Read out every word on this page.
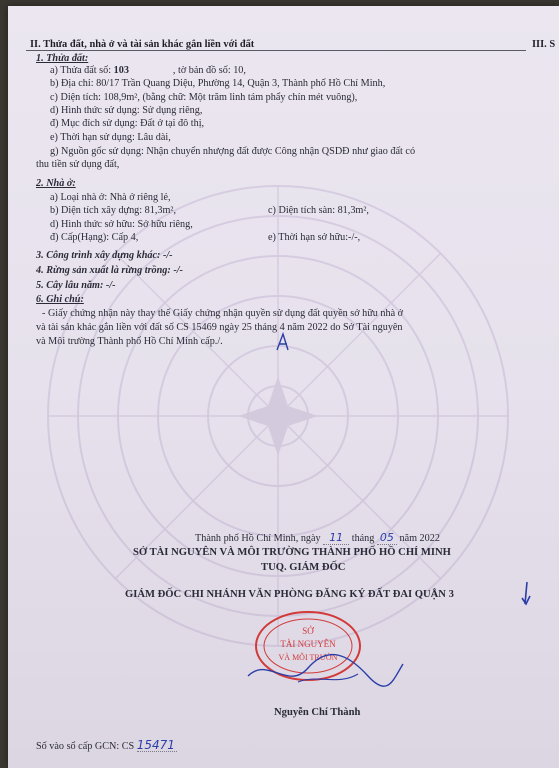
II. Thửa đất, nhà ở và tài sản khác gắn liền với đất	III. S
1. Thửa đất:
a) Thửa đất số: 103	, tờ bản đồ số: 10,
b) Địa chỉ: 80/17 Trần Quang Diệu, Phường 14, Quận 3, Thành phố Hồ Chí Minh,
c) Diện tích: 108,9m², (bằng chữ: Một trăm linh tám phẩy chín mét vuông),
d) Hình thức sử dụng: Sử dụng riêng,
đ) Mục đích sử dụng: Đất ở tại đô thị,
e) Thời hạn sử dụng: Lâu dài,
g) Nguồn gốc sử dụng: Nhận chuyển nhượng đất được Công nhận QSDĐ như giao đất có
thu tiền sử dụng đất,
2. Nhà ở:
a) Loại nhà ở: Nhà ở riêng lẻ,
b) Diện tích xây dựng: 81,3m²,	c) Diện tích sàn: 81,3m²,
d) Hình thức sở hữu: Sở hữu riêng,
đ) Cấp(Hạng): Cấp 4,	e) Thời hạn sở hữu:-/-,
3. Công trình xây dựng khác: -/-
4. Rừng sản xuất là rừng trồng: -/-
5. Cây lâu năm: -/-
6. Ghi chú:
- Giấy chứng nhận này thay thế Giấy chứng nhận quyền sử dụng đất quyền sở hữu nhà ở
và tài sản khác gắn liền với đất số CS 15469 ngày 25 tháng 4 năm 2022 do Sở Tài nguyên
và Môi trường Thành phố Hồ Chí Minh cấp./.
Thành phố Hồ Chí Minh, ngày 11 tháng 05 năm 2022
SỞ TÀI NGUYÊN VÀ MÔI TRƯỜNG THÀNH PHỐ HỒ CHÍ MINH
TUQ. GIÁM ĐỐC
GIÁM ĐỐC CHI NHÁNH VĂN PHÒNG ĐĂNG KÝ ĐẤT ĐAI QUẬN 3
SỞ
TÀI NGUYÊN
VÀ MÔI TRƯỜN
Nguyễn Chí Thành
Số vào sổ cấp GCN: CS 15471
